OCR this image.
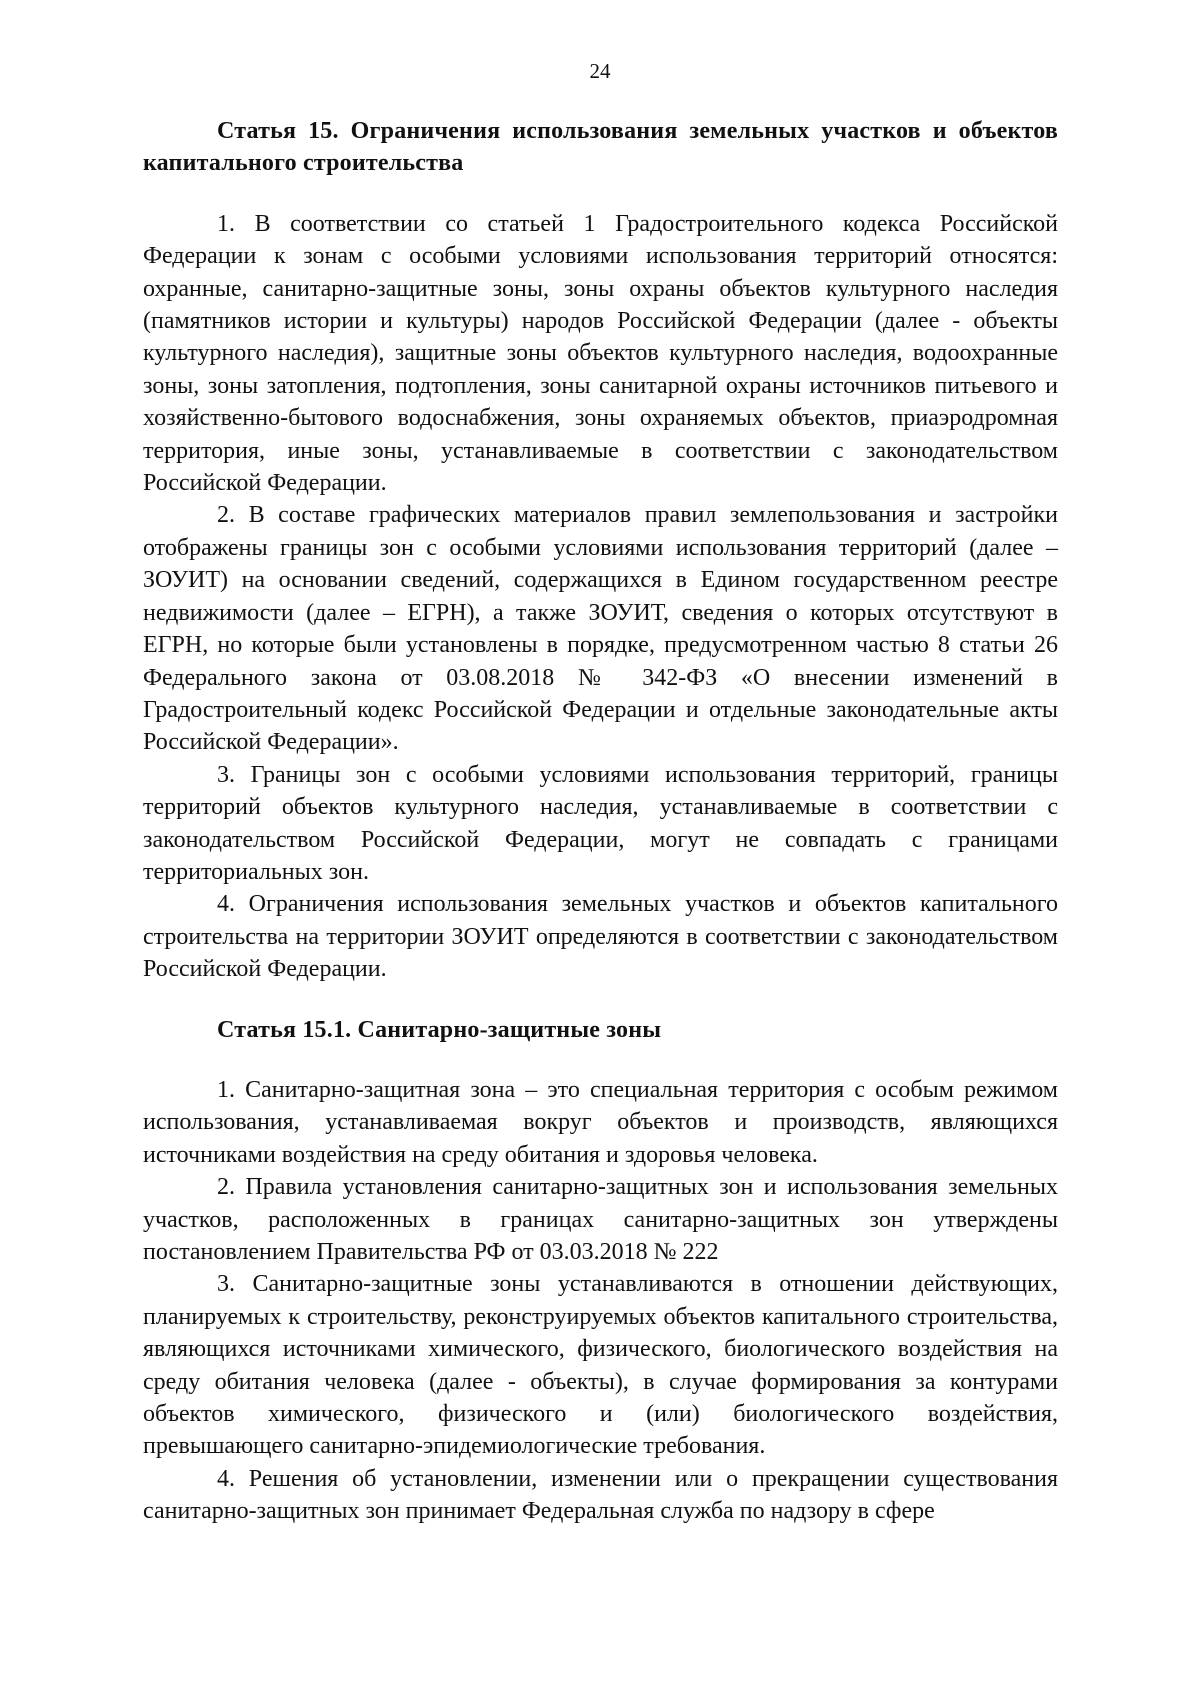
24

Статья 15. Ограничения использования земельных участков и объектов капитального строительства

1. В соответствии со статьей 1 Градостроительного кодекса Российской Федерации к зонам с особыми условиями использования территорий относятся: охранные, санитарно-защитные зоны, зоны охраны объектов культурного наследия (памятников истории и культуры) народов Российской Федерации (далее - объекты культурного наследия), защитные зоны объектов культурного наследия, водоохранные зоны, зоны затопления, подтопления, зоны санитарной охраны источников питьевого и хозяйственно-бытового водоснабжения, зоны охраняемых объектов, приаэродромная территория, иные зоны, устанавливаемые в соответствии с законодательством Российской Федерации.

2. В составе графических материалов правил землепользования и застройки отображены границы зон с особыми условиями использования территорий (далее – ЗОУИТ) на основании сведений, содержащихся в Едином государственном реестре недвижимости (далее – ЕГРН), а также ЗОУИТ, сведения о которых отсутствуют в ЕГРН, но которые были установлены в порядке, предусмотренном частью 8 статьи 26 Федерального закона от 03.08.2018 № 342-ФЗ «О внесении изменений в Градостроительный кодекс Российской Федерации и отдельные законодательные акты Российской Федерации».

3. Границы зон с особыми условиями использования территорий, границы территорий объектов культурного наследия, устанавливаемые в соответствии с законодательством Российской Федерации, могут не совпадать с границами территориальных зон.

4. Ограничения использования земельных участков и объектов капитального строительства на территории ЗОУИТ определяются в соответствии с законодательством Российской Федерации.

Статья 15.1. Санитарно-защитные зоны

1. Санитарно-защитная зона – это специальная территория с особым режимом использования, устанавливаемая вокруг объектов и производств, являющихся источниками воздействия на среду обитания и здоровья человека.

2. Правила установления санитарно-защитных зон и использования земельных участков, расположенных в границах санитарно-защитных зон утверждены постановлением Правительства РФ от 03.03.2018 № 222

3. Санитарно-защитные зоны устанавливаются в отношении действующих, планируемых к строительству, реконструируемых объектов капитального строительства, являющихся источниками химического, физического, биологического воздействия на среду обитания человека (далее - объекты), в случае формирования за контурами объектов химического, физического и (или) биологического воздействия, превышающего санитарно-эпидемиологические требования.

4. Решения об установлении, изменении или о прекращении существования санитарно-защитных зон принимает Федеральная служба по надзору в сфере
